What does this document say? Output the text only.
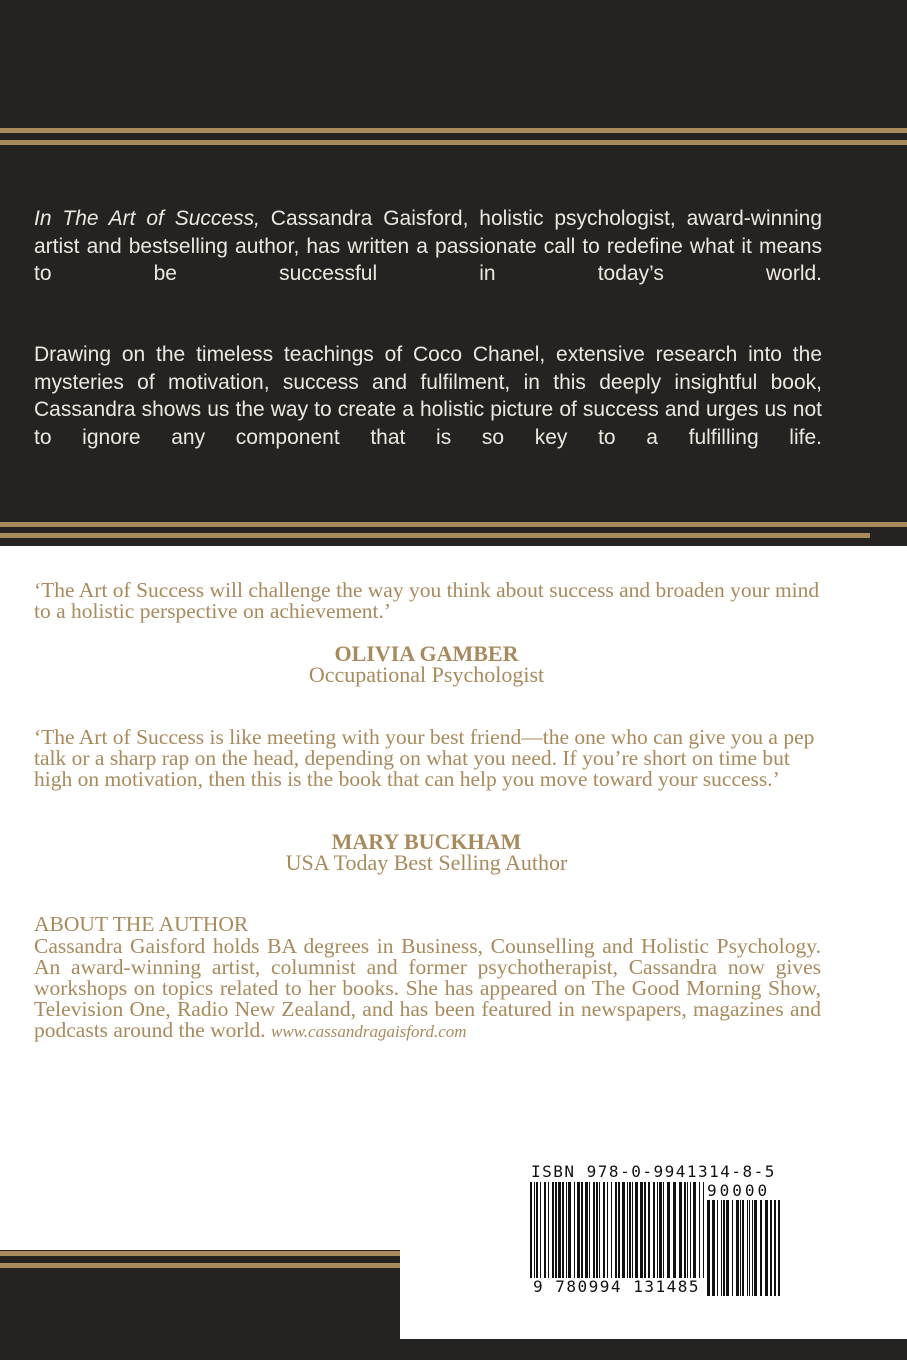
In The Art of Success, Cassandra Gaisford, holistic psychologist, award-winning artist and bestselling author, has written a passionate call to redefine what it means to be successful in today’s world.

Drawing on the timeless teachings of Coco Chanel, extensive research into the mysteries of motivation, success and fulfilment, in this deeply insightful book, Cassandra shows us the way to create a holistic picture of success and urges us not to ignore any component that is so key to a fulfilling life.

‘The Art of Success will challenge the way you think about success and broaden your mind to a holistic perspective on achievement.’

OLIVIA GAMBER
Occupational Psychologist

‘The Art of Success is like meeting with your best friend—the one who can give you a pep talk or a sharp rap on the head, depending on what you need. If you’re short on time but high on motivation, then this is the book that can help you move toward your success.’

MARY BUCKHAM
USA Today Best Selling Author
ABOUT THE AUTHOR

Cassandra Gaisford holds BA degrees in Business, Counselling and Holistic Psychology. An award-winning artist, columnist and former psychotherapist, Cassandra now gives workshops on topics related to her books. She has appeared on The Good Morning Show, Television One, Radio New Zealand, and has been featured in newspapers, magazines and podcasts around the world. www.cassandragaisford.com

ISBN 978-0-9941314-8-5
90000
9 780994 131485
